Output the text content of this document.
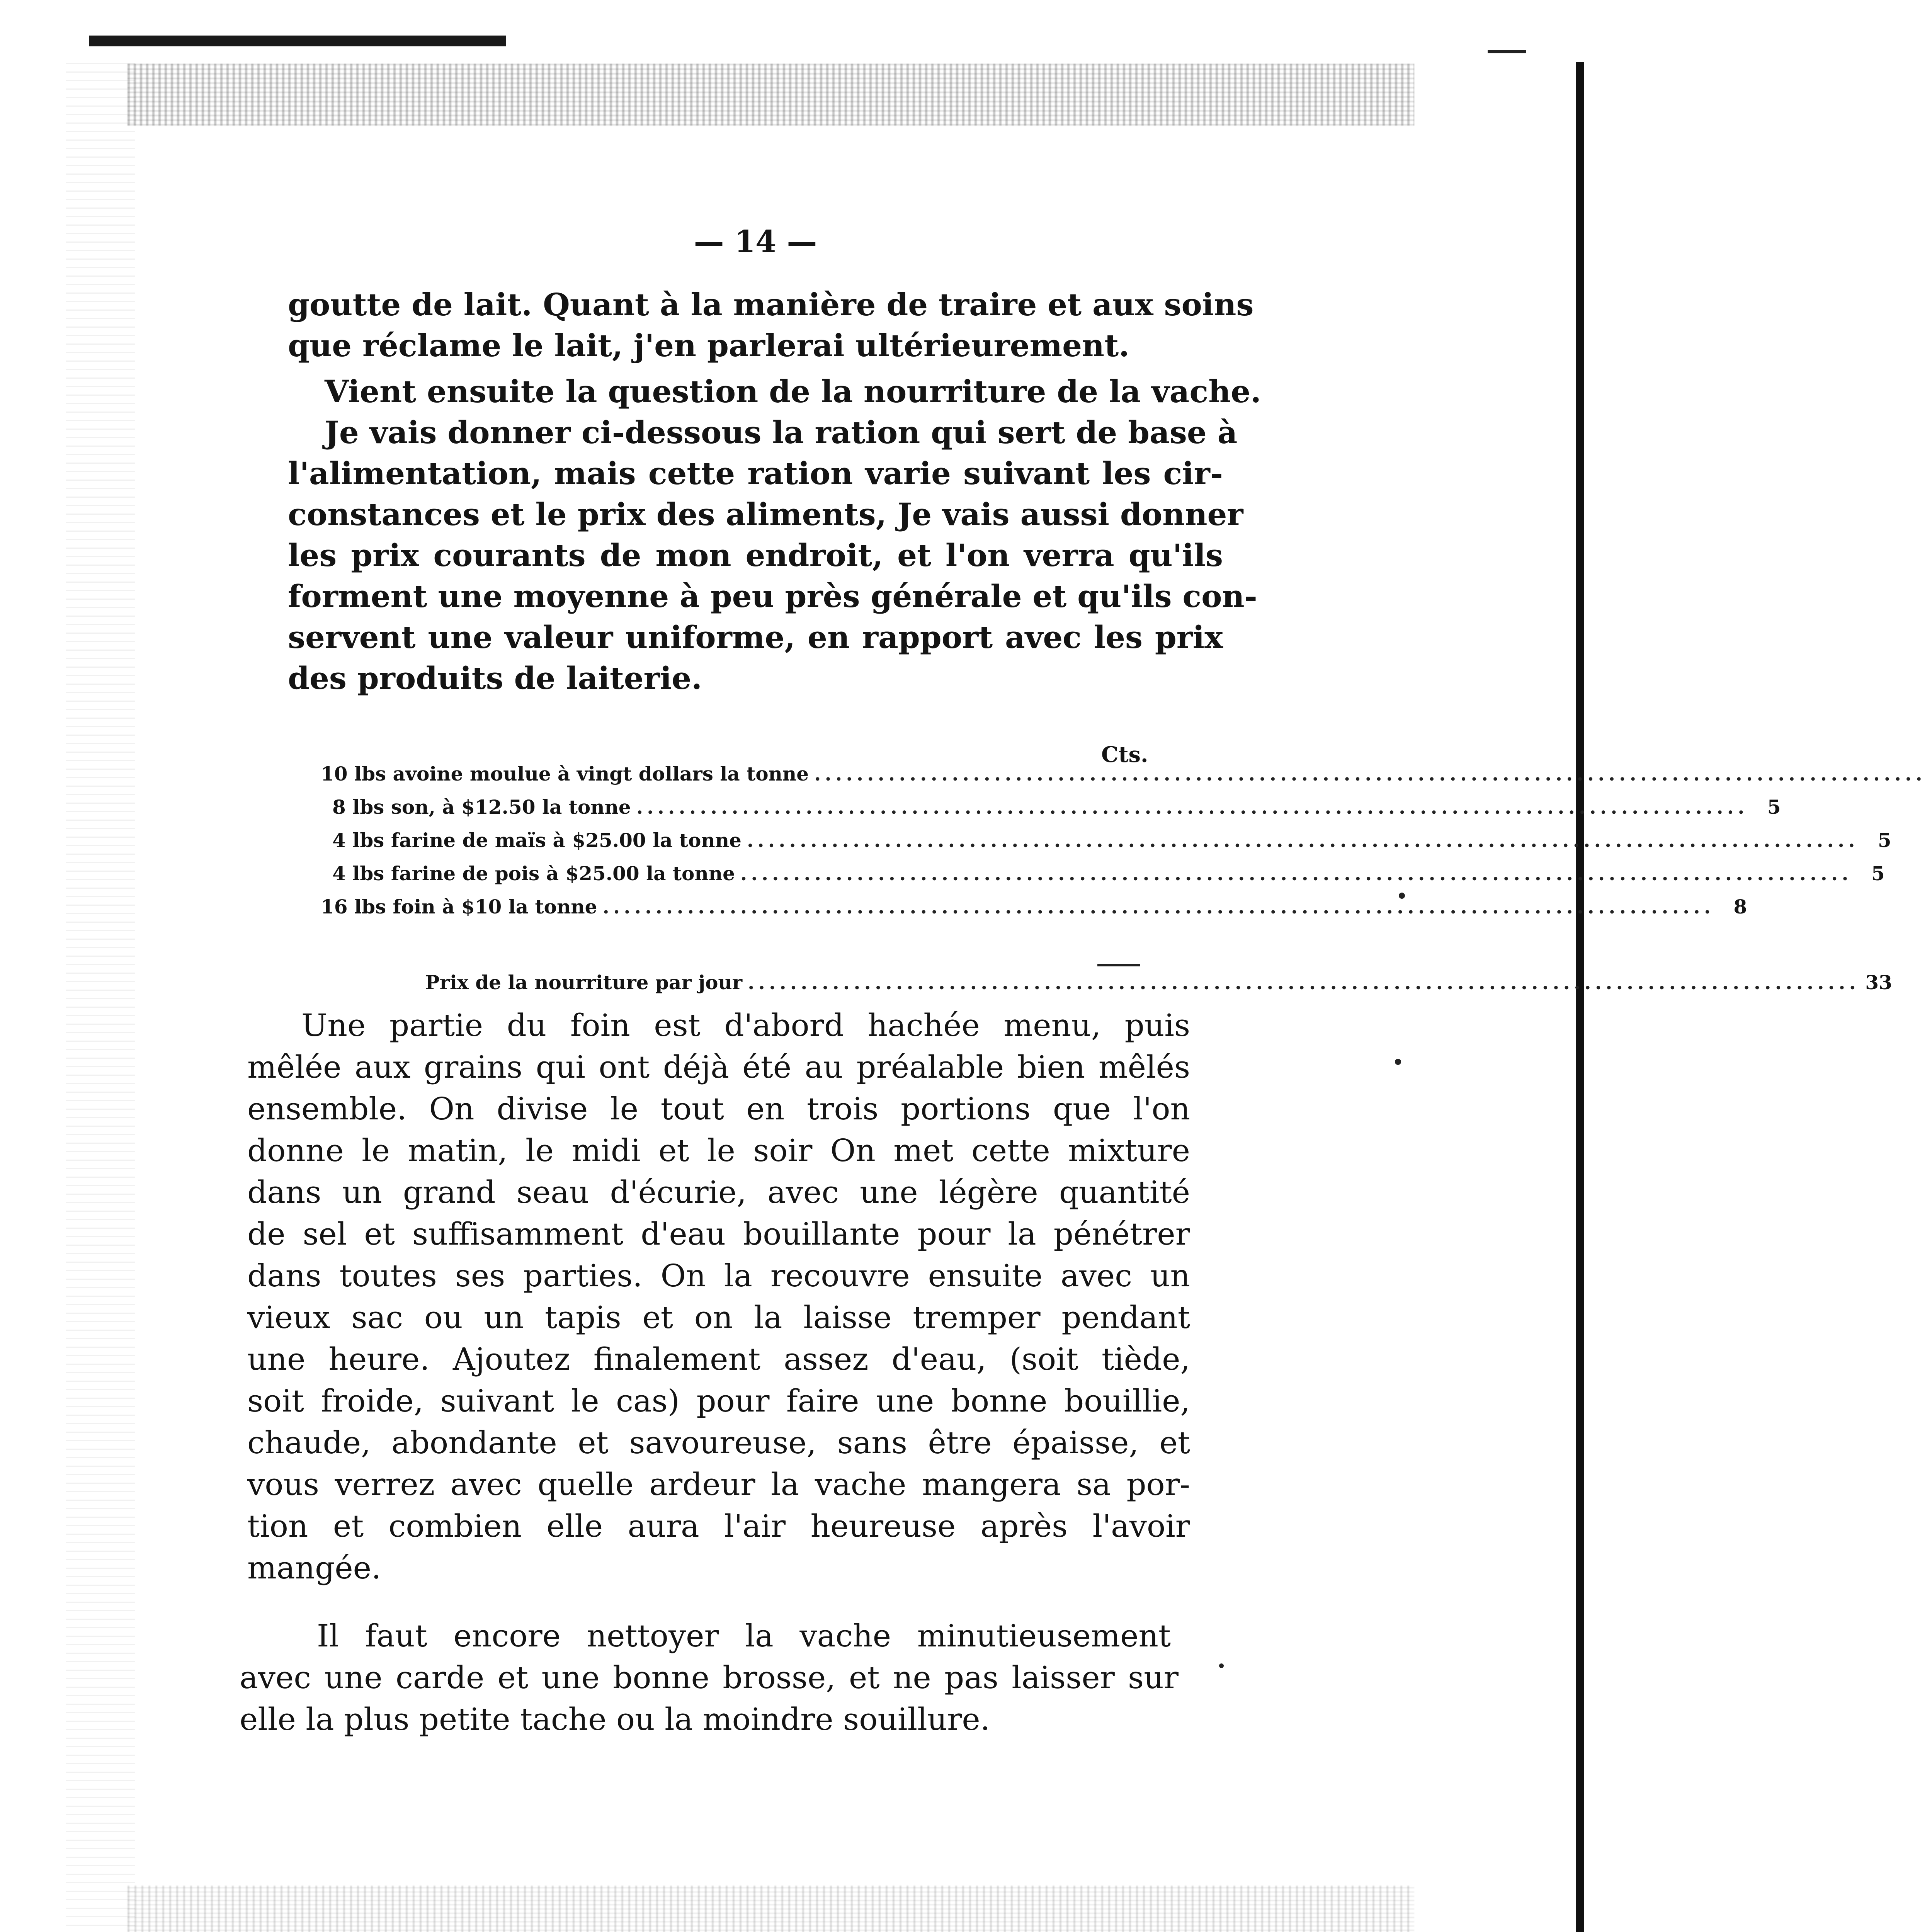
— 14 —

goutte de lait. Quant à la manière de traire et aux soins
que réclame le lait, j'en parlerai ultérieurement.

Vient ensuite la question de la nourriture de la vache.
Je vais donner ci-dessous la ration qui sert de base à
l'alimentation, mais cette ration varie suivant les cir-
constances et le prix des aliments, Je vais aussi donner
les prix courants de mon endroit, et l'on verra qu'ils
forment une moyenne à peu près générale et qu'ils con-
servent une valeur uniforme, en rapport avec les prix
des produits de laiterie.

Cts.
10 lbs avoine moulue à vingt dollars la tonne .........................................................................................................
8 lbs son, à $12.50 la tonne ......................................................................................................... 5
4 lbs farine de maïs à $25.00 la tonne ......................................................................................................... 5
4 lbs farine de pois à $25.00 la tonne ......................................................................................................... 5
16 lbs foin à $10 la tonne ......................................................................................................... 8
Prix de la nourriture par jour ......................................................................................................... 33

Une partie du foin est d'abord hachée menu, puis
mêlée aux grains qui ont déjà été au préalable bien mêlés
ensemble. On divise le tout en trois portions que l'on
donne le matin, le midi et le soir On met cette mixture
dans un grand seau d'écurie, avec une légère quantité
de sel et suffisamment d'eau bouillante pour la pénétrer
dans toutes ses parties. On la recouvre ensuite avec un
vieux sac ou un tapis et on la laisse tremper pendant
une heure. Ajoutez finalement assez d'eau, (soit tiède,
soit froide, suivant le cas) pour faire une bonne bouillie,
chaude, abondante et savoureuse, sans être épaisse, et
vous verrez avec quelle ardeur la vache mangera sa por-
tion et combien elle aura l'air heureuse après l'avoir
mangée.

Il faut encore nettoyer la vache minutieusement
avec une carde et une bonne brosse, et ne pas laisser sur
elle la plus petite tache ou la moindre souillure.
